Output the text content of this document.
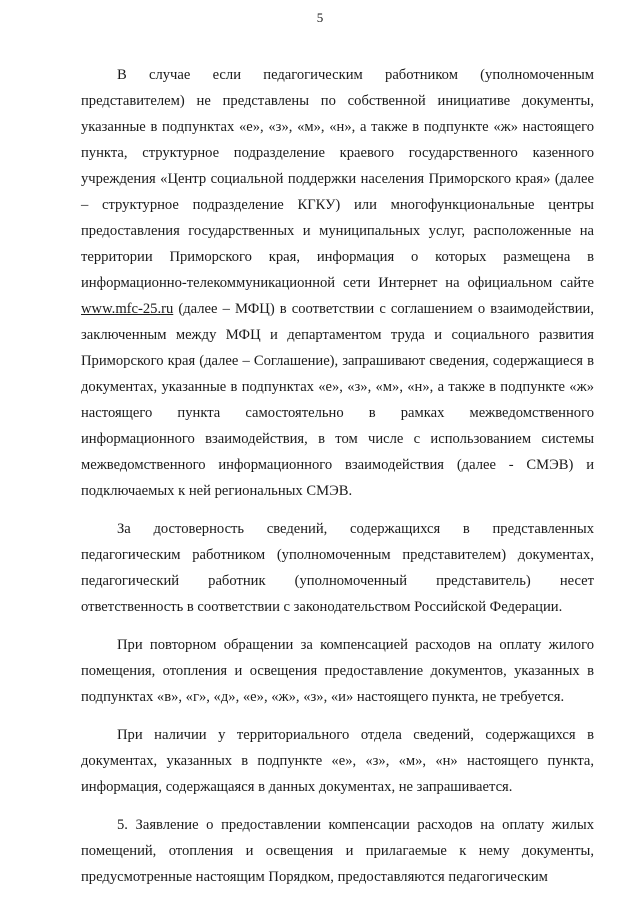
5

В случае если педагогическим работником (уполномоченным представителем) не представлены по собственной инициативе документы, указанные в подпунктах «е», «з», «м», «н», а также в подпункте «ж» настоящего пункта, структурное подразделение краевого государственного казенного учреждения «Центр социальной поддержки населения Приморского края» (далее – структурное подразделение КГКУ) или многофункциональные центры предоставления государственных и муниципальных услуг, расположенные на территории Приморского края, информация о которых размещена в информационно-телекоммуникационной сети Интернет на официальном сайте www.mfc-25.ru (далее – МФЦ) в соответствии с соглашением о взаимодействии, заключенным между МФЦ и департаментом труда и социального развития Приморского края (далее – Соглашение), запрашивают сведения, содержащиеся в документах, указанные в подпунктах «е», «з», «м», «н», а также в подпункте «ж» настоящего пункта самостоятельно в рамках межведомственного информационного взаимодействия, в том числе с использованием системы межведомственного информационного взаимодействия (далее - СМЭВ) и подключаемых к ней региональных СМЭВ.

За достоверность сведений, содержащихся в представленных педагогическим работником (уполномоченным представителем) документах, педагогический работник (уполномоченный представитель) несет ответственность в соответствии с законодательством Российской Федерации.

При повторном обращении за компенсацией расходов на оплату жилого помещения, отопления и освещения предоставление документов, указанных в подпунктах «в», «г», «д», «е», «ж», «з», «и» настоящего пункта, не требуется.

При наличии у территориального отдела сведений, содержащихся в документах, указанных в подпункте «е», «з», «м», «н» настоящего пункта, информация, содержащаяся в данных документах, не запрашивается.

5. Заявление о предоставлении компенсации расходов на оплату жилых помещений, отопления и освещения и прилагаемые к нему документы, предусмотренные настоящим Порядком, предоставляются педагогическим
